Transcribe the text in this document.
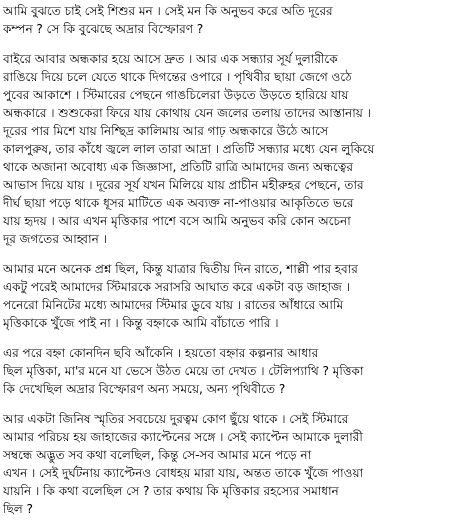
আমি বুঝতে চাই সেই শিশুর মন । সেই মন কি অনুভব করে অতি দূরের
কম্পন ? সে কি বুঝেছে অদ্রার বিস্ফোরণ ?
বাইরে আবার অন্ধকার হয়ে আসে দ্রুত । আর এক সন্ধ্যার সূর্য দুলারীকে
রাঙিয়ে দিয়ে চলে যেতে থাকে দিগন্তের ওপারে । পৃথিবীর ছায়া জেগে ওঠে
পুবের আকাশে । স্টিমারের পেছনে গাঙচিলেরা উড়তে উড়তে হারিয়ে যায়
অন্ধকারে । শুশুকেরা ফিরে যায় কোথায় যেন জলের তলায় তাদের আস্তানায় ।
দূরের পার মিশে যায় নিশ্ছিদ্র কালিমায় আর গাঢ় অন্ধকারে উঠে আসে
কালপুরুষ, তার কাঁধে জ্বলে লাল তারা আদ্রা । প্রতিটি সন্ধ্যার মধ্যে যেন লুকিয়ে
থাকে অজানা অবোধ্য এক জিজ্ঞাসা, প্রতিটি রাত্রি আমাদের জন্য অন্ধত্বের
আভাস দিয়ে যায় । দূরের সূর্য যখন মিলিয়ে যায় প্রাচীন মহীরুহর পেছনে, তার
দীর্ঘ ছায়া পড়ে থাকে ধূসর মাটিতে এক অব্যক্ত না-পাওয়ার আকৃতিতে ভরে
যায় হৃদয় । আর এখন মৃত্তিকার পাশে বসে আমি অনুভব করি কোন অচেনা
দূর জগতের আহ্বান ।
আমার মনে অনেক প্রশ্ন ছিল, কিন্তু যাত্রার দ্বিতীয় দিন রাতে, শাল্লী পার হবার
একটু পরেই আমাদের স্টিমারকে সরাসরি আঘাত করে একটা বড় জাহাজ ।
পনেরো মিনিটের মধ্যে আমাদের স্টিমার ডুবে যায় । রাতের আঁধারে আমি
মৃত্তিকাকে খুঁজে পাই না । কিন্তু বহ্নাকে আমি বাঁচাতে পারি ।
এর পরে বহ্না কোনদিন ছবি আঁকেনি । হয়তো বহ্নার কল্পনার আধার
ছিল মৃত্তিকা, মা'র মনে যা ভেসে উঠত মেয়ে তা দেখত । টেলিপ্যাথি ? মৃত্তিকা
কি দেখেছিল অদ্রার বিস্ফোরণ অন্য সময়ে, অন্য পৃথিবীতে ?
আর একটা জিনিষ স্মৃতির সবচেয়ে দুরত্বম কোণ ছুঁয়ে থাকে । সেই স্টিমারে
আমার পরিচয় হয় জাহাজের ক্যাপ্টেনের সঙ্গে । সেই ক্যাপ্টেন আমাকে দুলারী
সম্বন্ধে অদ্ভুত সব কথা বলেছিল, কিন্তু সে-সব আমার মনে পড়ে না
এখন । সেই দুর্ঘটনায় ক্যাপ্টেনও বোধহয় মারা যায়, অন্তত তাকে খুঁজে পাওয়া
যায়নি । কি কথা বলেছিল সে ? তার কথায় কি মৃত্তিকার রহস্যের সমাধান
ছিল ?
